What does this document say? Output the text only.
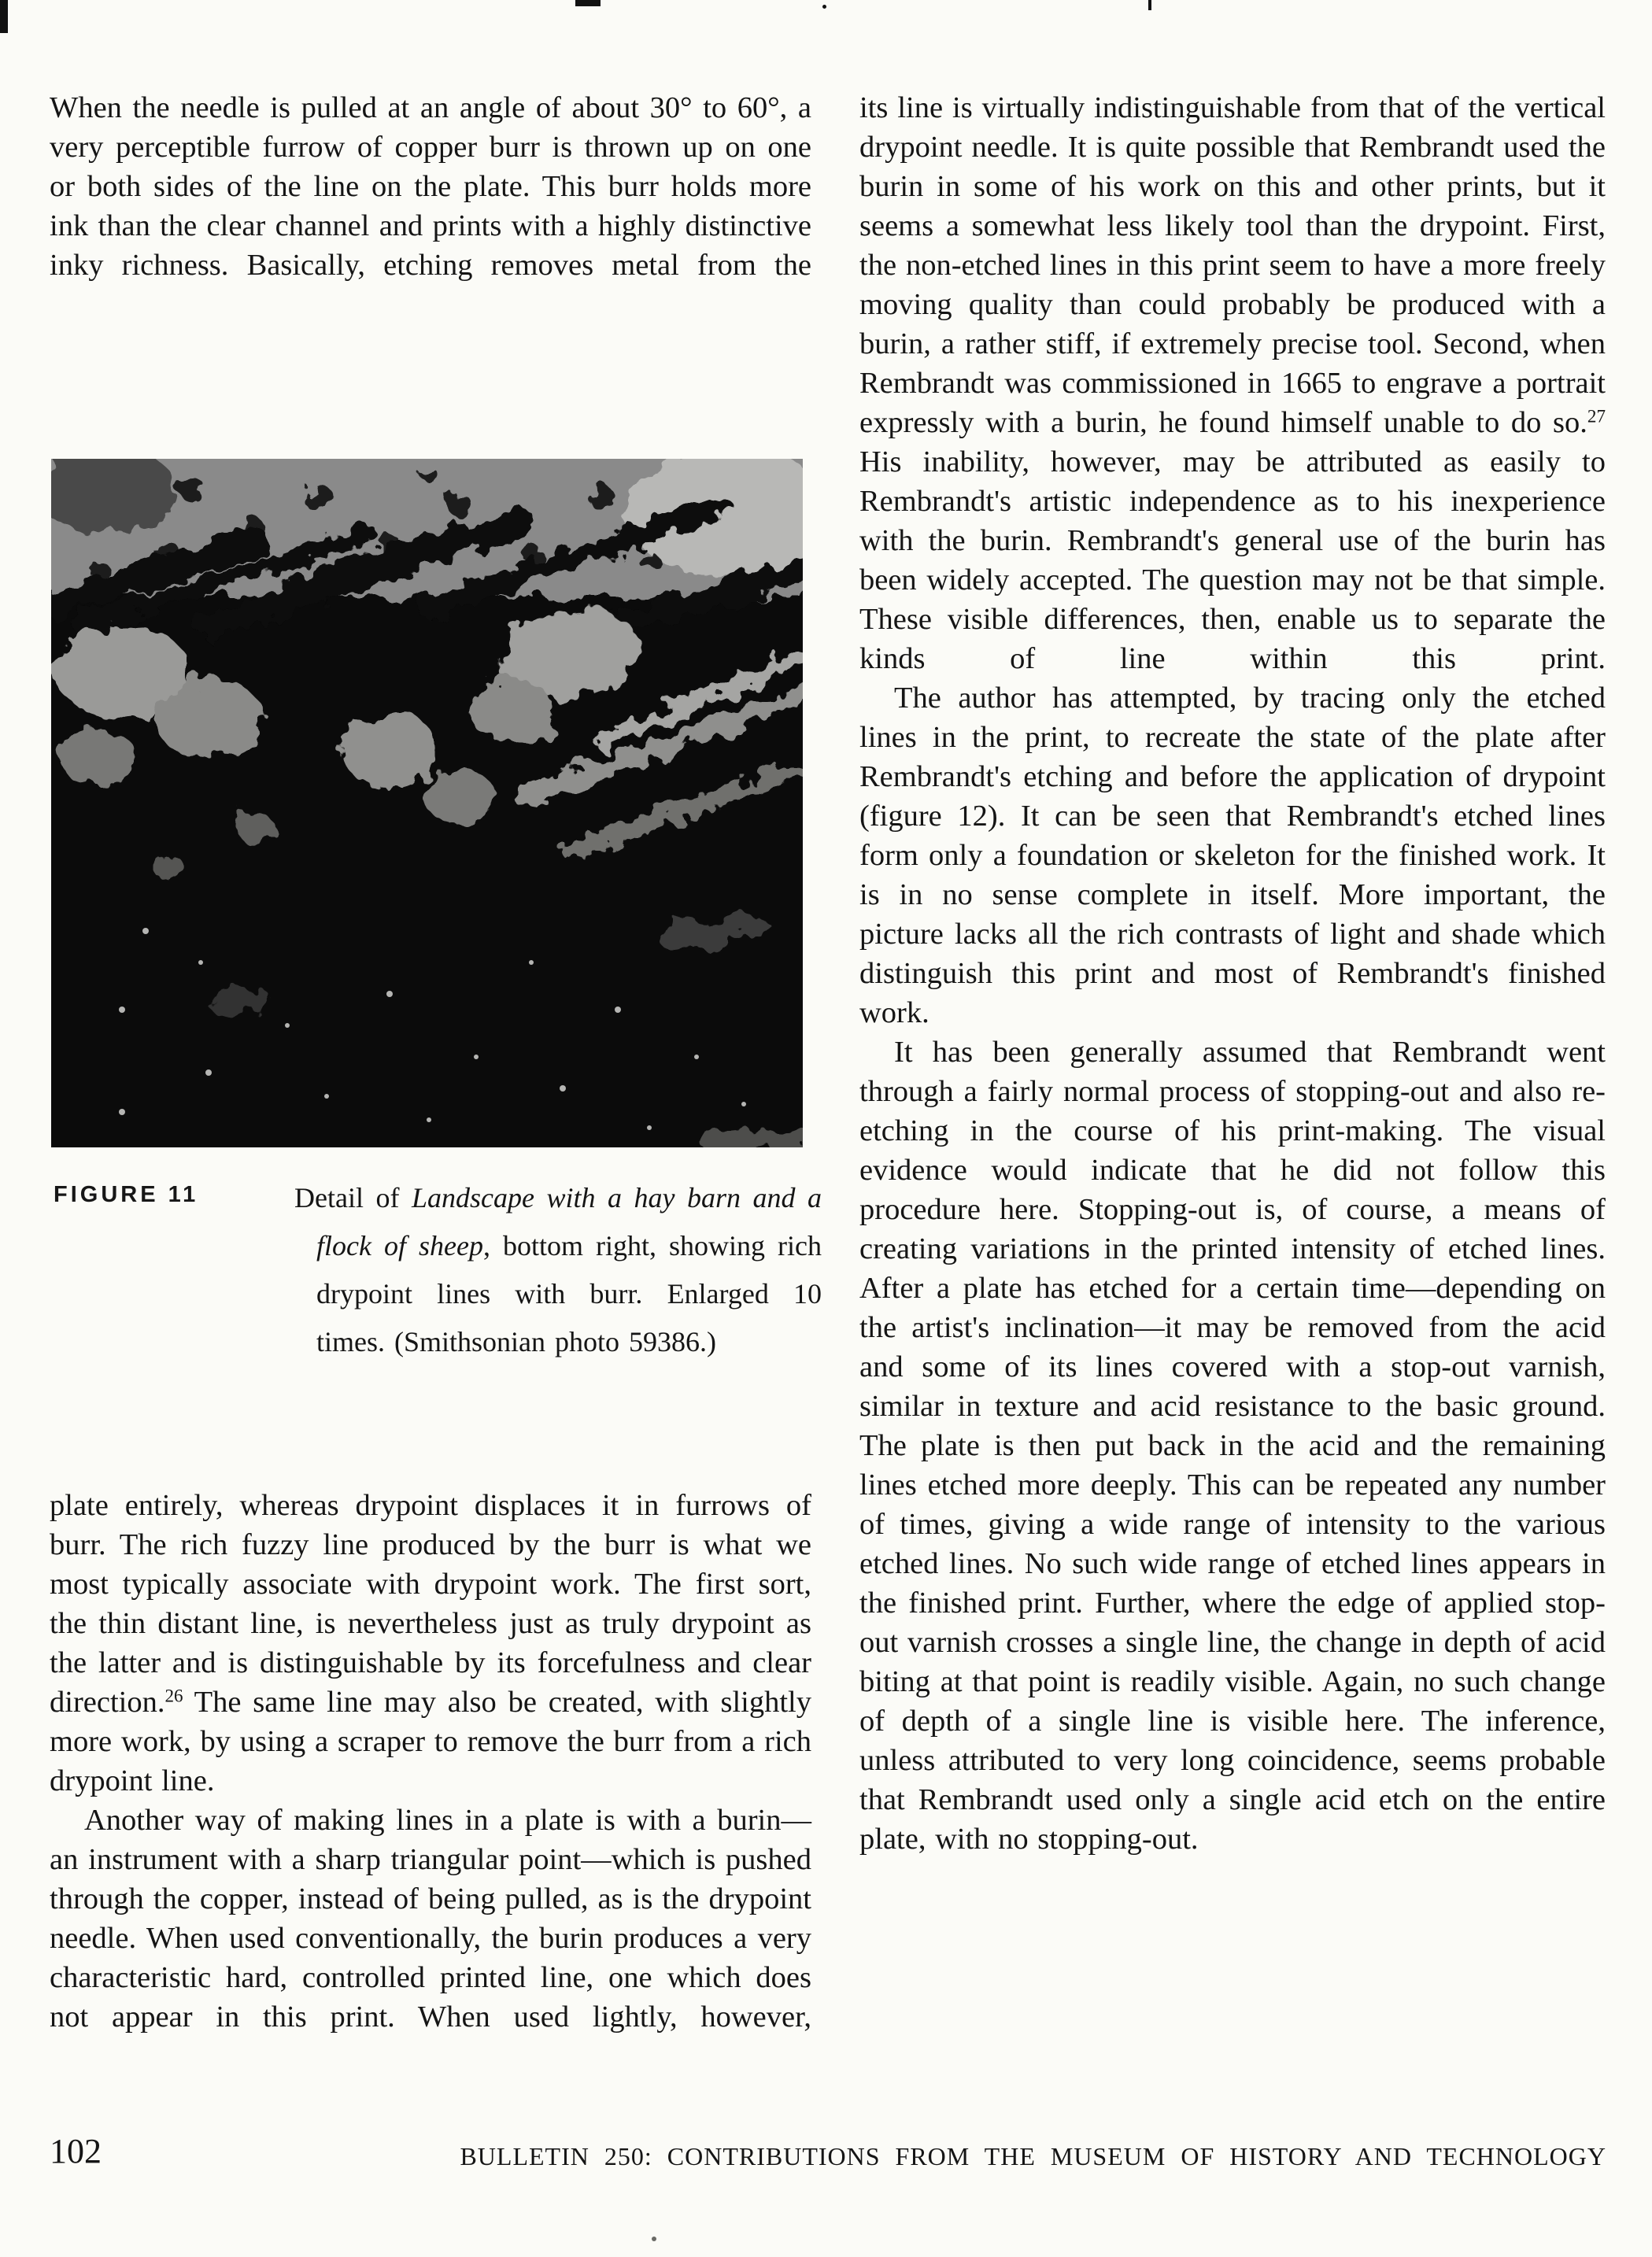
When the needle is pulled at an angle of about 30° to 60°, a very perceptible furrow of copper burr is thrown up on one or both sides of the line on the plate. This burr holds more ink than the clear channel and prints with a highly distinctive inky richness. Basically, etching removes metal from the

FIGURE 11	Detail of Landscape with a hay barn and a flock of sheep, bottom right, showing rich drypoint lines with burr. Enlarged 10 times. (Smithsonian photo 59386.)

plate entirely, whereas drypoint displaces it in furrows of burr. The rich fuzzy line produced by the burr is what we most typically associate with drypoint work. The first sort, the thin distant line, is nevertheless just as truly drypoint as the latter and is distinguishable by its forcefulness and clear direction.$^{26}$ The same line may also be created, with slightly more work, by using a scraper to remove the burr from a rich drypoint line.

Another way of making lines in a plate is with a burin—an instrument with a sharp triangular point—which is pushed through the copper, instead of being pulled, as is the drypoint needle. When used conventionally, the burin produces a very characteristic hard, controlled printed line, one which does not appear in this print. When used lightly, however,

its line is virtually indistinguishable from that of the vertical drypoint needle. It is quite possible that Rembrandt used the burin in some of his work on this and other prints, but it seems a somewhat less likely tool than the drypoint. First, the non-etched lines in this print seem to have a more freely moving quality than could probably be produced with a burin, a rather stiff, if extremely precise tool. Second, when Rembrandt was commissioned in 1665 to engrave a portrait expressly with a burin, he found himself unable to do so.$^{27}$ His inability, however, may be attributed as easily to Rembrandt's artistic independence as to his inexperience with the burin. Rembrandt's general use of the burin has been widely accepted. The question may not be that simple. These visible differences, then, enable us to separate the kinds of line within this print.

The author has attempted, by tracing only the etched lines in the print, to recreate the state of the plate after Rembrandt's etching and before the application of drypoint (figure 12). It can be seen that Rembrandt's etched lines form only a foundation or skeleton for the finished work. It is in no sense complete in itself. More important, the picture lacks all the rich contrasts of light and shade which distinguish this print and most of Rembrandt's finished work.

It has been generally assumed that Rembrandt went through a fairly normal process of stopping-out and also re-etching in the course of his print-making. The visual evidence would indicate that he did not follow this procedure here. Stopping-out is, of course, a means of creating variations in the printed intensity of etched lines. After a plate has etched for a certain time—depending on the artist's inclination—it may be removed from the acid and some of its lines covered with a stop-out varnish, similar in texture and acid resistance to the basic ground. The plate is then put back in the acid and the remaining lines etched more deeply. This can be repeated any number of times, giving a wide range of intensity to the various etched lines. No such wide range of etched lines appears in the finished print. Further, where the edge of applied stop-out varnish crosses a single line, the change in depth of acid biting at that point is readily visible. Again, no such change of depth of a single line is visible here. The inference, unless attributed to very long coincidence, seems probable that Rembrandt used only a single acid etch on the entire plate, with no stopping-out.

102	BULLETIN 250: CONTRIBUTIONS FROM THE MUSEUM OF HISTORY AND TECHNOLOGY
